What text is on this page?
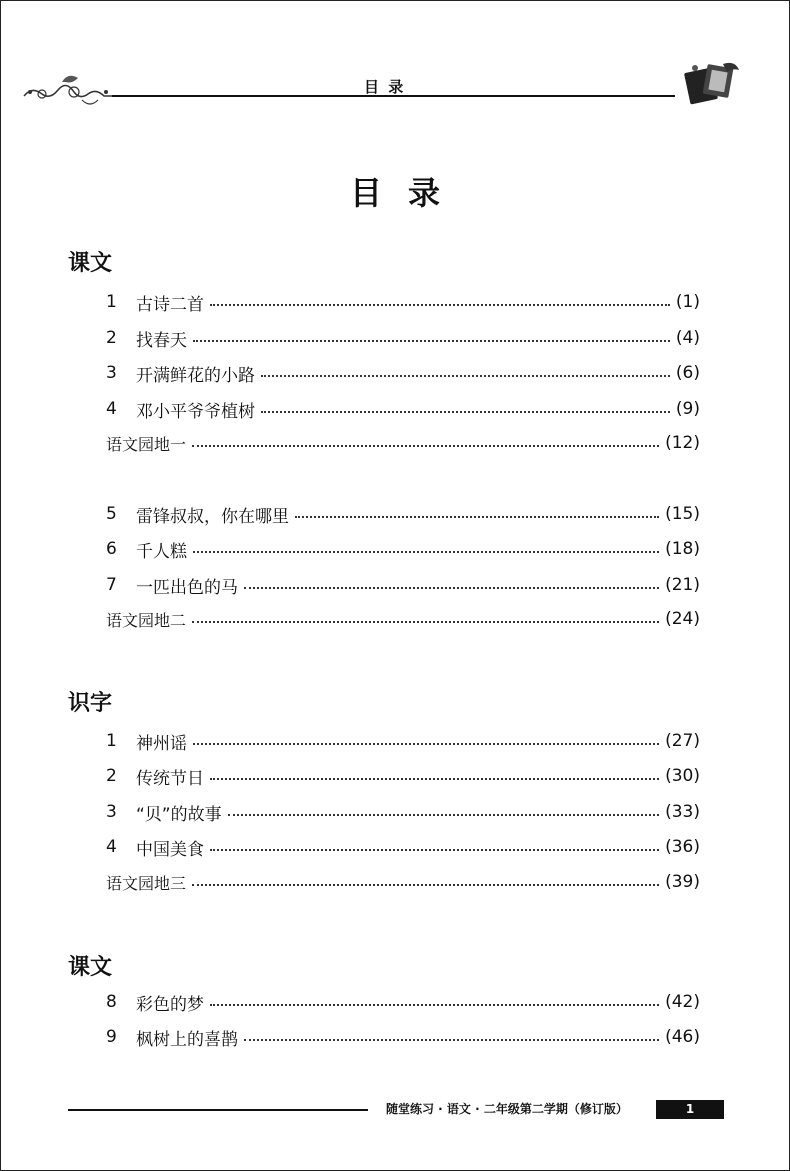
目 录
目录
课文
1	古诗二首	(1)
2	找春天	(4)
3	开满鲜花的小路	(6)
4	邓小平爷爷植树	(9)
语文园地一	(12)
5	雷锋叔叔，你在哪里	(15)
6	千人糕	(18)
7	一匹出色的马	(21)
语文园地二	(24)
识字
1	神州谣	(27)
2	传统节日	(30)
3	“贝”的故事	(33)
4	中国美食	(36)
语文园地三	(39)
课文
8	彩色的梦	(42)
9	枫树上的喜鹊	(46)
随堂练习 · 语文 · 二年级第二学期（修订版）	1
